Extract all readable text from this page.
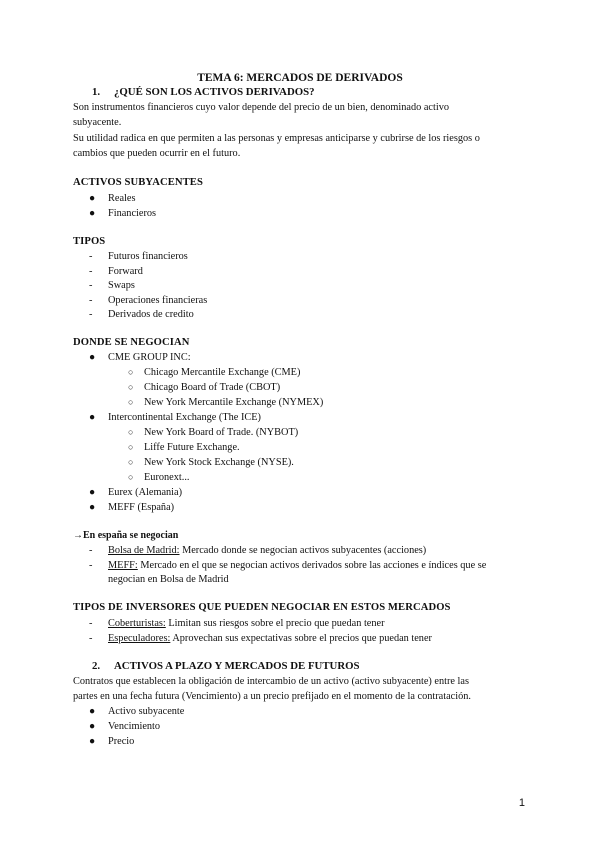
TEMA 6: MERCADOS DE DERIVADOS
1. ¿QUÉ SON LOS ACTIVOS DERIVADOS?
Son instrumentos financieros cuyo valor depende del precio de un bien, denominado activo
subyacente.
Su utilidad radica en que permiten a las personas y empresas anticiparse y cubrirse de los riesgos o
cambios que pueden ocurrir en el futuro.
ACTIVOS SUBYACENTES
● Reales
● Financieros
TIPOS
- Futuros financieros
- Forward
- Swaps
- Operaciones financieras
- Derivados de credito
DONDE SE NEGOCIAN
● CME GROUP INC:
○ Chicago Mercantile Exchange (CME)
○ Chicago Board of Trade (CBOT)
○ New York Mercantile Exchange (NYMEX)
● Intercontinental Exchange (The ICE)
○ New York Board of Trade. (NYBOT)
○ Liffe Future Exchange.
○ New York Stock Exchange (NYSE).
○ Euronext...
● Eurex (Alemania)
● MEFF (España)
→En españa se negocian
- Bolsa de Madrid: Mercado donde se negocian activos subyacentes (acciones)
- MEFF: Mercado en el que se negocian activos derivados sobre las acciones e índices que se
negocian en Bolsa de Madrid
TIPOS DE INVERSORES QUE PUEDEN NEGOCIAR EN ESTOS MERCADOS
- Coberturistas: Limitan sus riesgos sobre el precio que puedan tener
- Especuladores: Aprovechan sus expectativas sobre el precios que puedan tener
2. ACTIVOS A PLAZO Y MERCADOS DE FUTUROS
Contratos que establecen la obligación de intercambio de un activo (activo subyacente) entre las
partes en una fecha futura (Vencimiento) a un precio prefijado en el momento de la contratación.
● Activo subyacente
● Vencimiento
● Precio
1
